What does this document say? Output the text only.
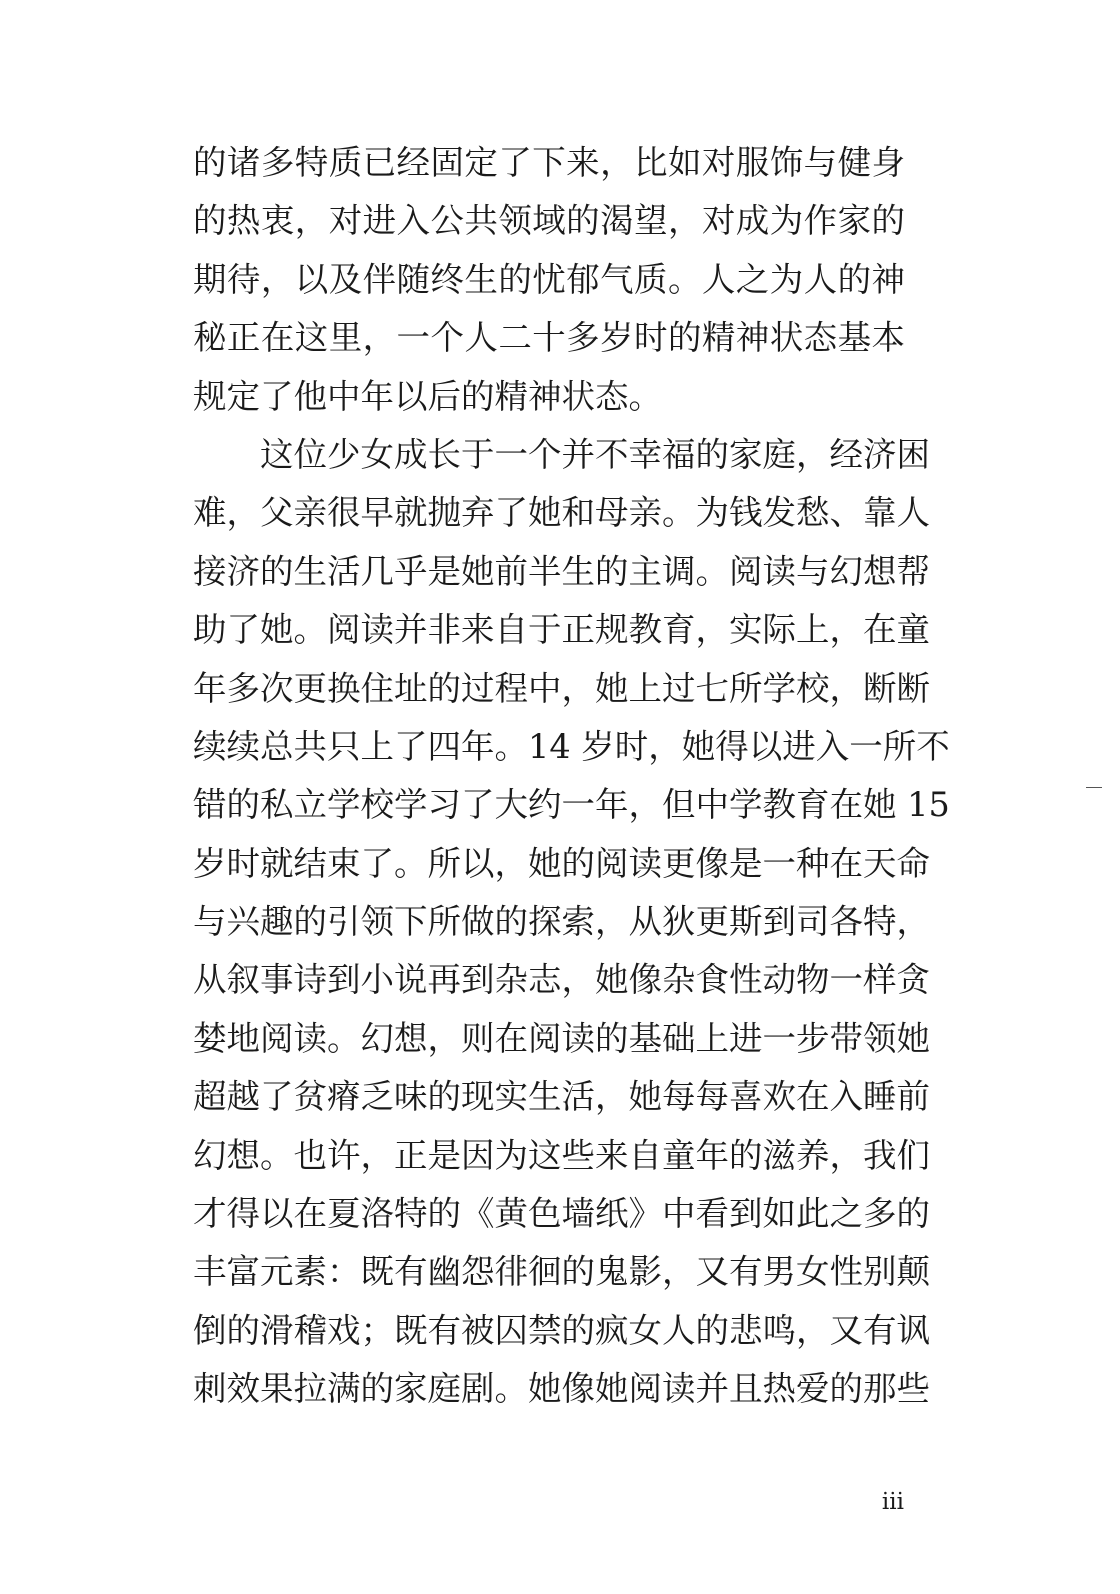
的诸多特质已经固定了下来，比如对服饰与健身
的热衷，对进入公共领域的渴望，对成为作家的
期待，以及伴随终生的忧郁气质。人之为人的神
秘正在这里，一个人二十多岁时的精神状态基本
规定了他中年以后的精神状态。
这位少女成长于一个并不幸福的家庭，经济困
难，父亲很早就抛弃了她和母亲。为钱发愁、靠人
接济的生活几乎是她前半生的主调。阅读与幻想帮
助了她。阅读并非来自于正规教育，实际上，在童
年多次更换住址的过程中，她上过七所学校，断断
续续总共只上了四年。14 岁时，她得以进入一所不
错的私立学校学习了大约一年，但中学教育在她 15
岁时就结束了。所以，她的阅读更像是一种在天命
与兴趣的引领下所做的探索，从狄更斯到司各特，
从叙事诗到小说再到杂志，她像杂食性动物一样贪
婪地阅读。幻想，则在阅读的基础上进一步带领她
超越了贫瘠乏味的现实生活，她每每喜欢在入睡前
幻想。也许，正是因为这些来自童年的滋养，我们
才得以在夏洛特的《黄色墙纸》中看到如此之多的
丰富元素：既有幽怨徘徊的鬼影，又有男女性别颠
倒的滑稽戏；既有被囚禁的疯女人的悲鸣，又有讽
刺效果拉满的家庭剧。她像她阅读并且热爱的那些
iii
